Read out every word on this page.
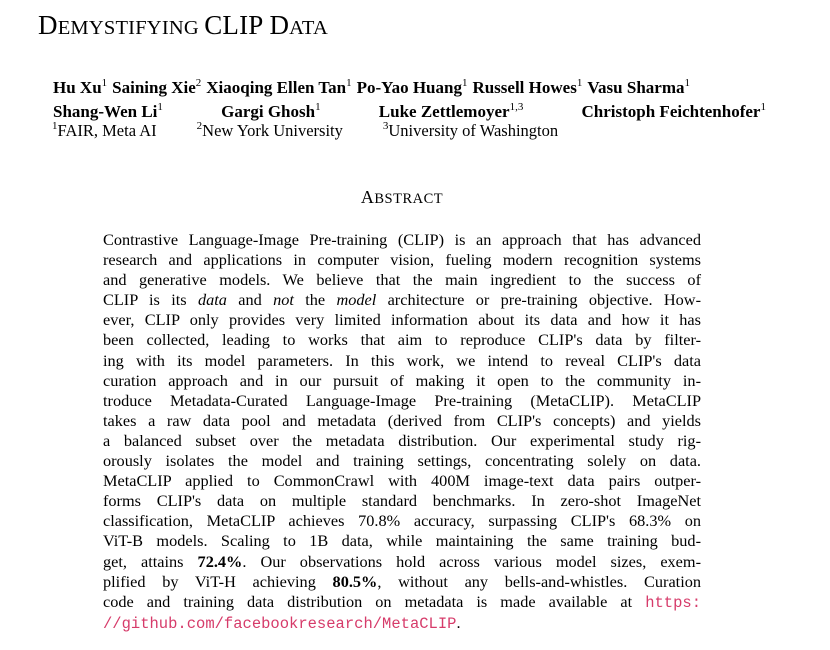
DEMYSTIFYING CLIP DATA
Hu Xu$^1$ Saining Xie$^2$ Xiaoqing Ellen Tan$^1$ Po-Yao Huang$^1$ Russell Howes$^1$ Vasu Sharma$^1$
Shang-Wen Li$^1$	Gargi Ghosh$^1$	Luke Zettlemoyer$^{1,3}$	Christoph Feichtenhofer$^1$
$^1$FAIR, Meta AI	$^2$New York University	$^3$University of Washington
ABSTRACT
Contrastive Language-Image Pre-training (CLIP) is an approach that has advanced
research and applications in computer vision, fueling modern recognition systems
and generative models. We believe that the main ingredient to the success of
CLIP is its data and not the model architecture or pre-training objective. How-
ever, CLIP only provides very limited information about its data and how it has
been collected, leading to works that aim to reproduce CLIP's data by filter-
ing with its model parameters. In this work, we intend to reveal CLIP's data
curation approach and in our pursuit of making it open to the community in-
troduce Metadata-Curated Language-Image Pre-training (MetaCLIP). MetaCLIP
takes a raw data pool and metadata (derived from CLIP's concepts) and yields
a balanced subset over the metadata distribution. Our experimental study rig-
orously isolates the model and training settings, concentrating solely on data.
MetaCLIP applied to CommonCrawl with 400M image-text data pairs outper-
forms CLIP's data on multiple standard benchmarks. In zero-shot ImageNet
classification, MetaCLIP achieves 70.8% accuracy, surpassing CLIP's 68.3% on
ViT-B models. Scaling to 1B data, while maintaining the same training bud-
get, attains 72.4%. Our observations hold across various model sizes, exem-
plified by ViT-H achieving 80.5%, without any bells-and-whistles. Curation
code and training data distribution on metadata is made available at https:
//github.com/facebookresearch/MetaCLIP.
